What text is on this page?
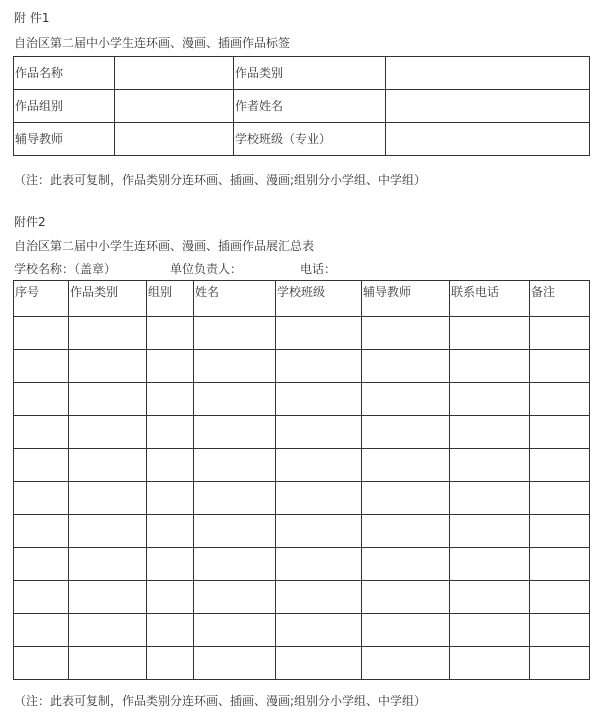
附 件1
自治区第二届中小学生连环画、漫画、插画作品标签
作品名称		作品类别	
作品组别		作者姓名	
辅导教师		学校班级（专业）	
（注：此表可复制，作品类别分连环画、插画、漫画;组别分小学组、中学组）
附件2
自治区第二届中小学生连环画、漫画、插画作品展汇总表
学校名称：（盖章）	单位负责人：	电话：
序号	作品类别	组别	姓名	学校班级	辅导教师	联系电话	备注

（注：此表可复制，作品类别分连环画、插画、漫画;组别分小学组、中学组）
